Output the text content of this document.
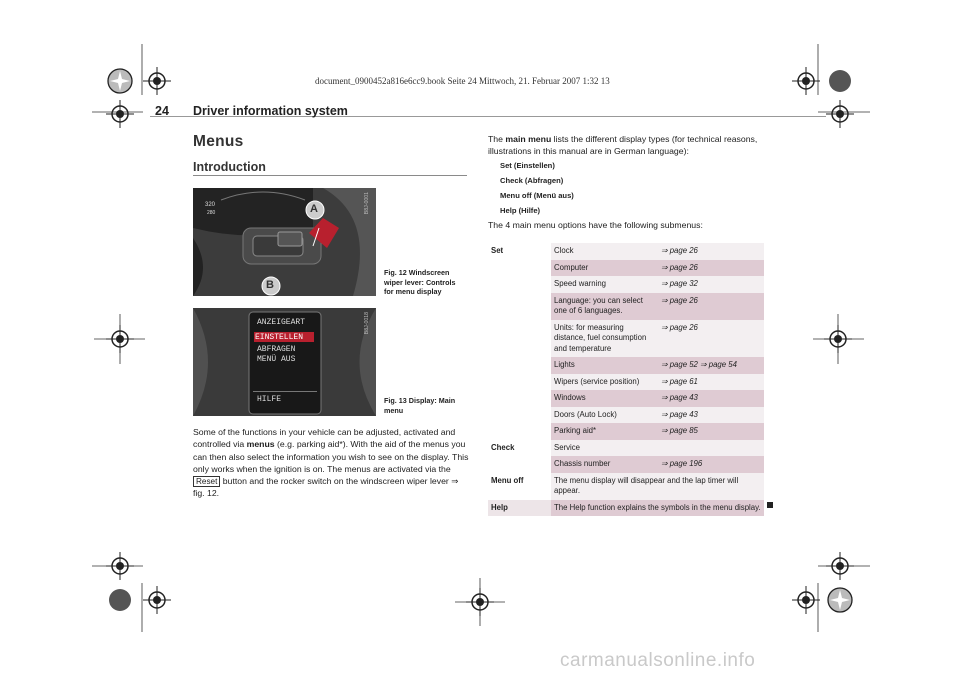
document_0900452a816e6cc9.book Seite 24 Mittwoch, 21. Februar 2007 1:32 13
24 Driver information system
Menus
Introduction
320
280	A
B
B8J-0001
Fig. 12 Windscreen wiper lever: Controls for menu display
ANZEIGEART
EINSTELLEN
ABFRAGEN
MENÜ AUS
HILFE
B8J-0018
Fig. 13 Display: Main menu
Some of the functions in your vehicle can be adjusted, activated and controlled via menus (e.g. parking aid*). With the aid of the menus you can then also select the information you wish to see on the display. This only works when the ignition is on. The menus are activated via the Reset button and the rocker switch on the windscreen wiper lever ⇒ fig. 12.
The main menu lists the different display types (for technical reasons, illustrations in this manual are in German language):
Set (Einstellen)
Check (Abfragen)
Menu off (Menü aus)
Help (Hilfe)
The 4 main menu options have the following submenus:
Set	Clock	⇒ page 26
	Computer	⇒ page 26
	Speed warning	⇒ page 32
	Language: you can select one of 6 languages.	⇒ page 26
	Units: for measuring distance, fuel consumption and temperature	⇒ page 26
	Lights	⇒ page 52 ⇒ page 54
	Wipers (service position)	⇒ page 61
	Windows	⇒ page 43
	Doors (Auto Lock)	⇒ page 43
	Parking aid*	⇒ page 85
Check	Service	
	Chassis number	⇒ page 196
Menu off	The menu display will disappear and the lap timer will appear.	
Help	The Help function explains the symbols in the menu display.	
carmanualsonline.info
